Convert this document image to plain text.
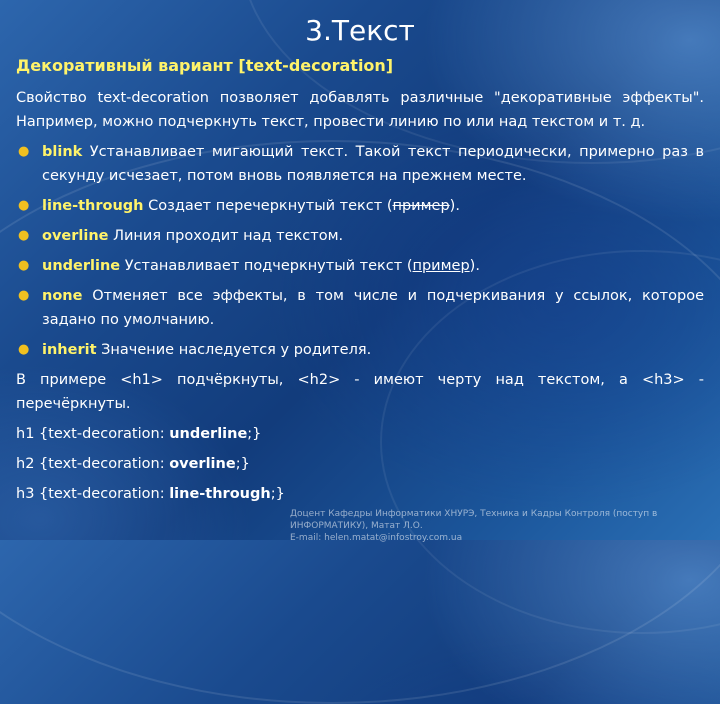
3.Текст
Декоративный вариант [text-decoration]

Свойство text-decoration позволяет добавлять различные "декоративные эффекты". Например, можно подчеркнуть текст, провести линию по или над текстом и т. д.

● blink Устанавливает мигающий текст. Такой текст периодически, примерно раз в секунду исчезает, потом вновь появляется на прежнем месте.
● line-through Создает перечеркнутый текст (пример).
● overline Линия проходит над текстом.
● underline Устанавливает подчеркнутый текст (пример).
● none Отменяет все эффекты, в том числе и подчеркивания у ссылок, которое задано по умолчанию.
● inherit Значение наследуется у родителя.

В примере <h1> подчёркнуты, <h2> - имеют черту над текстом, а <h3> - перечёркнуты.

h1 {text-decoration: underline;}
h2 {text-decoration: overline;}
h3 {text-decoration: line-through;}
Доцент Кафедры Информатики ХНУРЭ, Техника и Кадры Контроля (поступ в ИНФОРМАТИКУ), Матат Л.О.
E-mail: helen.matat@infostroy.com.ua
